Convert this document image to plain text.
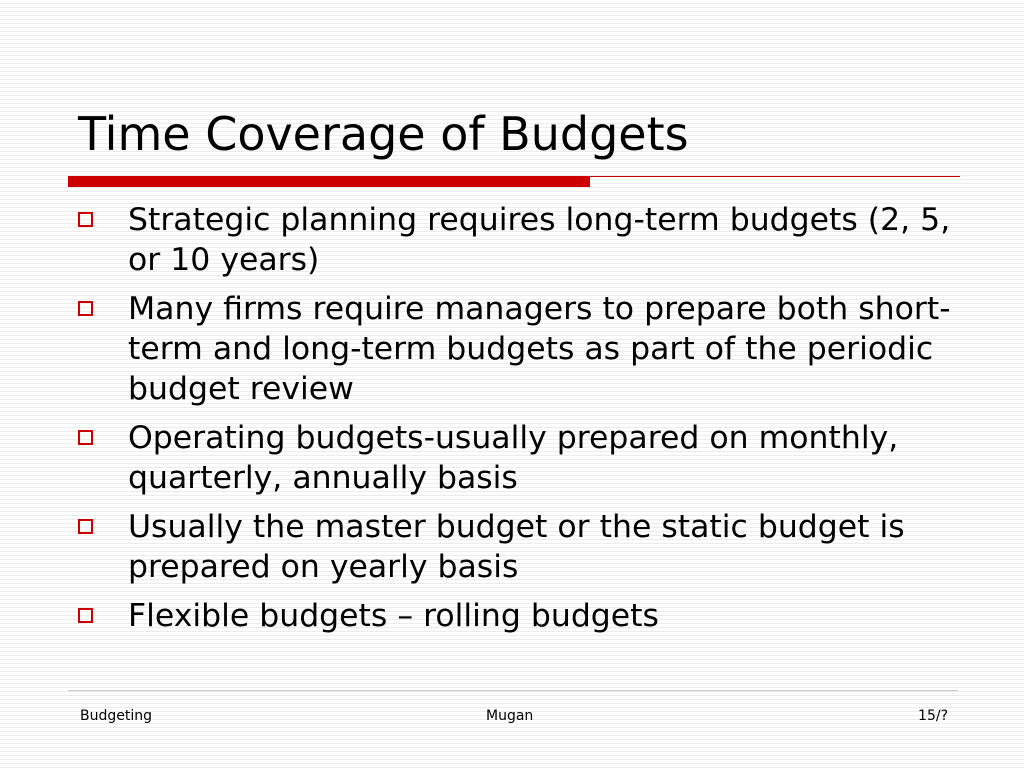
Time Coverage of Budgets
Strategic planning requires long-term budgets (2, 5, or 10 years)
Many firms require managers to prepare both short-term and long-term budgets as part of the periodic budget review
Operating budgets-usually prepared on monthly, quarterly, annually basis
Usually the master budget or the static budget is prepared on yearly basis
Flexible budgets – rolling budgets
Budgeting	Mugan	15/?
